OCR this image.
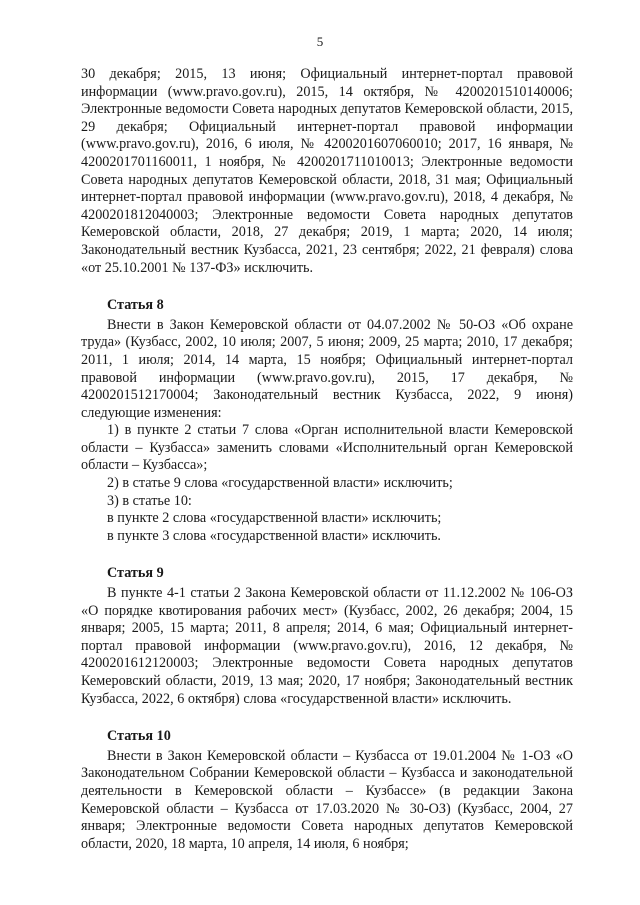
5

30 декабря; 2015, 13 июня; Официальный интернет-портал правовой информации (www.pravo.gov.ru), 2015, 14 октября, № 4200201510140006; Электронные ведомости Совета народных депутатов Кемеровской области, 2015, 29 декабря; Официальный интернет-портал правовой информации (www.pravo.gov.ru), 2016, 6 июля, № 4200201607060010; 2017, 16 января, № 4200201701160011, 1 ноября, № 4200201711010013; Электронные ведомости Совета народных депутатов Кемеровской области, 2018, 31 мая; Официальный интернет-портал правовой информации (www.pravo.gov.ru), 2018, 4 декабря, № 4200201812040003; Электронные ведомости Совета народных депутатов Кемеровской области, 2018, 27 декабря; 2019, 1 марта; 2020, 14 июля; Законодательный вестник Кузбасса, 2021, 23 сентября; 2022, 21 февраля) слова «от 25.10.2001 № 137-ФЗ» исключить.

Статья 8

Внести в Закон Кемеровской области от 04.07.2002 № 50-ОЗ «Об охране труда» (Кузбасс, 2002, 10 июля; 2007, 5 июня; 2009, 25 марта; 2010, 17 декабря; 2011, 1 июля; 2014, 14 марта, 15 ноября; Официальный интернет-портал правовой информации (www.pravo.gov.ru), 2015, 17 декабря, № 4200201512170004; Законодательный вестник Кузбасса, 2022, 9 июня) следующие изменения:

1) в пункте 2 статьи 7 слова «Орган исполнительной власти Кемеровской области – Кузбасса» заменить словами «Исполнительный орган Кемеровской области – Кузбасса»;

2) в статье 9 слова «государственной власти» исключить;

3) в статье 10:

в пункте 2 слова «государственной власти» исключить;

в пункте 3 слова «государственной власти» исключить.

Статья 9

В пункте 4-1 статьи 2 Закона Кемеровской области от 11.12.2002 № 106-ОЗ «О порядке квотирования рабочих мест» (Кузбасс, 2002, 26 декабря; 2004, 15 января; 2005, 15 марта; 2011, 8 апреля; 2014, 6 мая; Официальный интернет-портал правовой информации (www.pravo.gov.ru), 2016, 12 декабря, № 4200201612120003; Электронные ведомости Совета народных депутатов Кемеровский области, 2019, 13 мая; 2020, 17 ноября; Законодательный вестник Кузбасса, 2022, 6 октября) слова «государственной власти» исключить.

Статья 10

Внести в Закон Кемеровской области – Кузбасса от 19.01.2004 № 1-ОЗ «О Законодательном Собрании Кемеровской области – Кузбасса и законодательной деятельности в Кемеровской области – Кузбассе» (в редакции Закона Кемеровской области – Кузбасса от 17.03.2020 № 30-ОЗ) (Кузбасс, 2004, 27 января; Электронные ведомости Совета народных депутатов Кемеровской области, 2020, 18 марта, 10 апреля, 14 июля, 6 ноября;
